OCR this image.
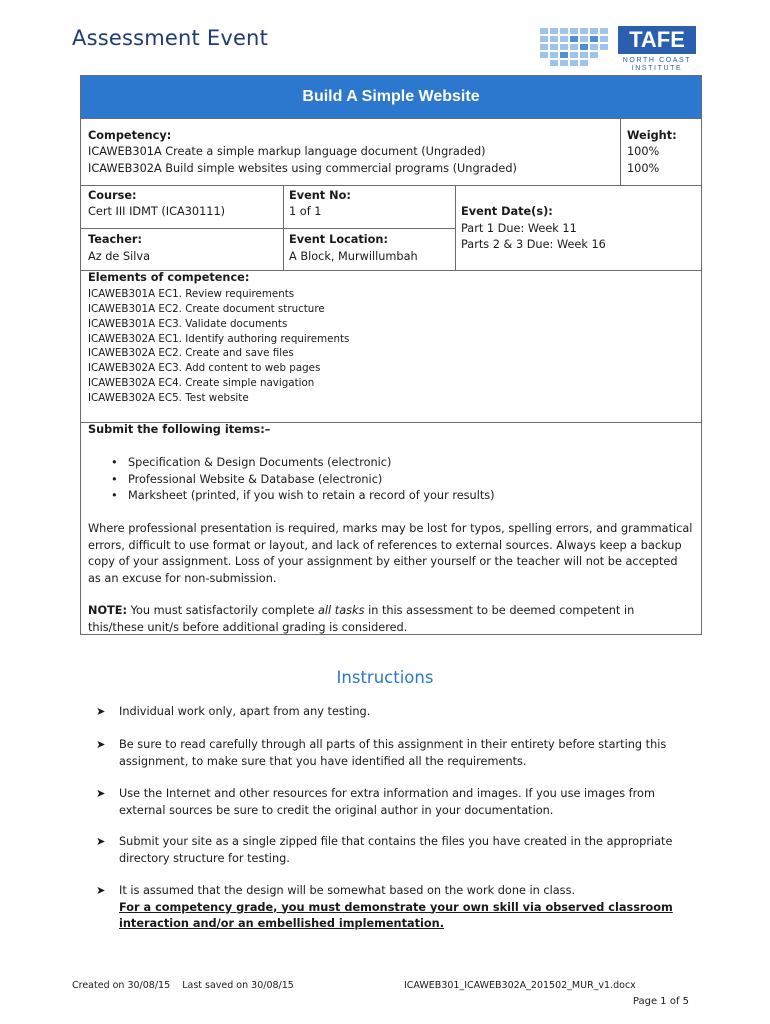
Assessment Event	TAFE
NORTH COAST
INSTITUTE
Build A Simple Website
Competency:
ICAWEB301A Create a simple markup language document (Ungraded)
ICAWEB302A Build simple websites using commercial programs (Ungraded)
Weight:
100%
100%
Course:
Cert III IDMT (ICA30111)
Event No:
1 of 1
Teacher:
Az de Silva
Event Location:
A Block, Murwillumbah
Event Date(s):
Part 1 Due: Week 11
Parts 2 & 3 Due: Week 16
Elements of competence:
ICAWEB301A EC1. Review requirements
ICAWEB301A EC2. Create document structure
ICAWEB301A EC3. Validate documents
ICAWEB302A EC1. Identify authoring requirements
ICAWEB302A EC2. Create and save files
ICAWEB302A EC3. Add content to web pages
ICAWEB302A EC4. Create simple navigation
ICAWEB302A EC5. Test website
Submit the following items:–
• Specification & Design Documents (electronic)
• Professional Website & Database (electronic)
• Marksheet (printed, if you wish to retain a record of your results)
Where professional presentation is required, marks may be lost for typos, spelling errors, and grammatical errors, difficult to use format or layout, and lack of references to external sources. Always keep a backup copy of your assignment. Loss of your assignment by either yourself or the teacher will not be accepted as an excuse for non-submission.
NOTE: You must satisfactorily complete all tasks in this assessment to be deemed competent in this/these unit/s before additional grading is considered.
Instructions
➤ Individual work only, apart from any testing.
➤ Be sure to read carefully through all parts of this assignment in their entirety before starting this assignment, to make sure that you have identified all the requirements.
➤ Use the Internet and other resources for extra information and images. If you use images from external sources be sure to credit the original author in your documentation.
➤ Submit your site as a single zipped file that contains the files you have created in the appropriate directory structure for testing.
➤ It is assumed that the design will be somewhat based on the work done in class.
For a competency grade, you must demonstrate your own skill via observed classroom interaction and/or an embellished implementation.
Created on 30/08/15    Last saved on 30/08/15	ICAWEB301_ICAWEB302A_201502_MUR_v1.docx
Page 1 of 5
